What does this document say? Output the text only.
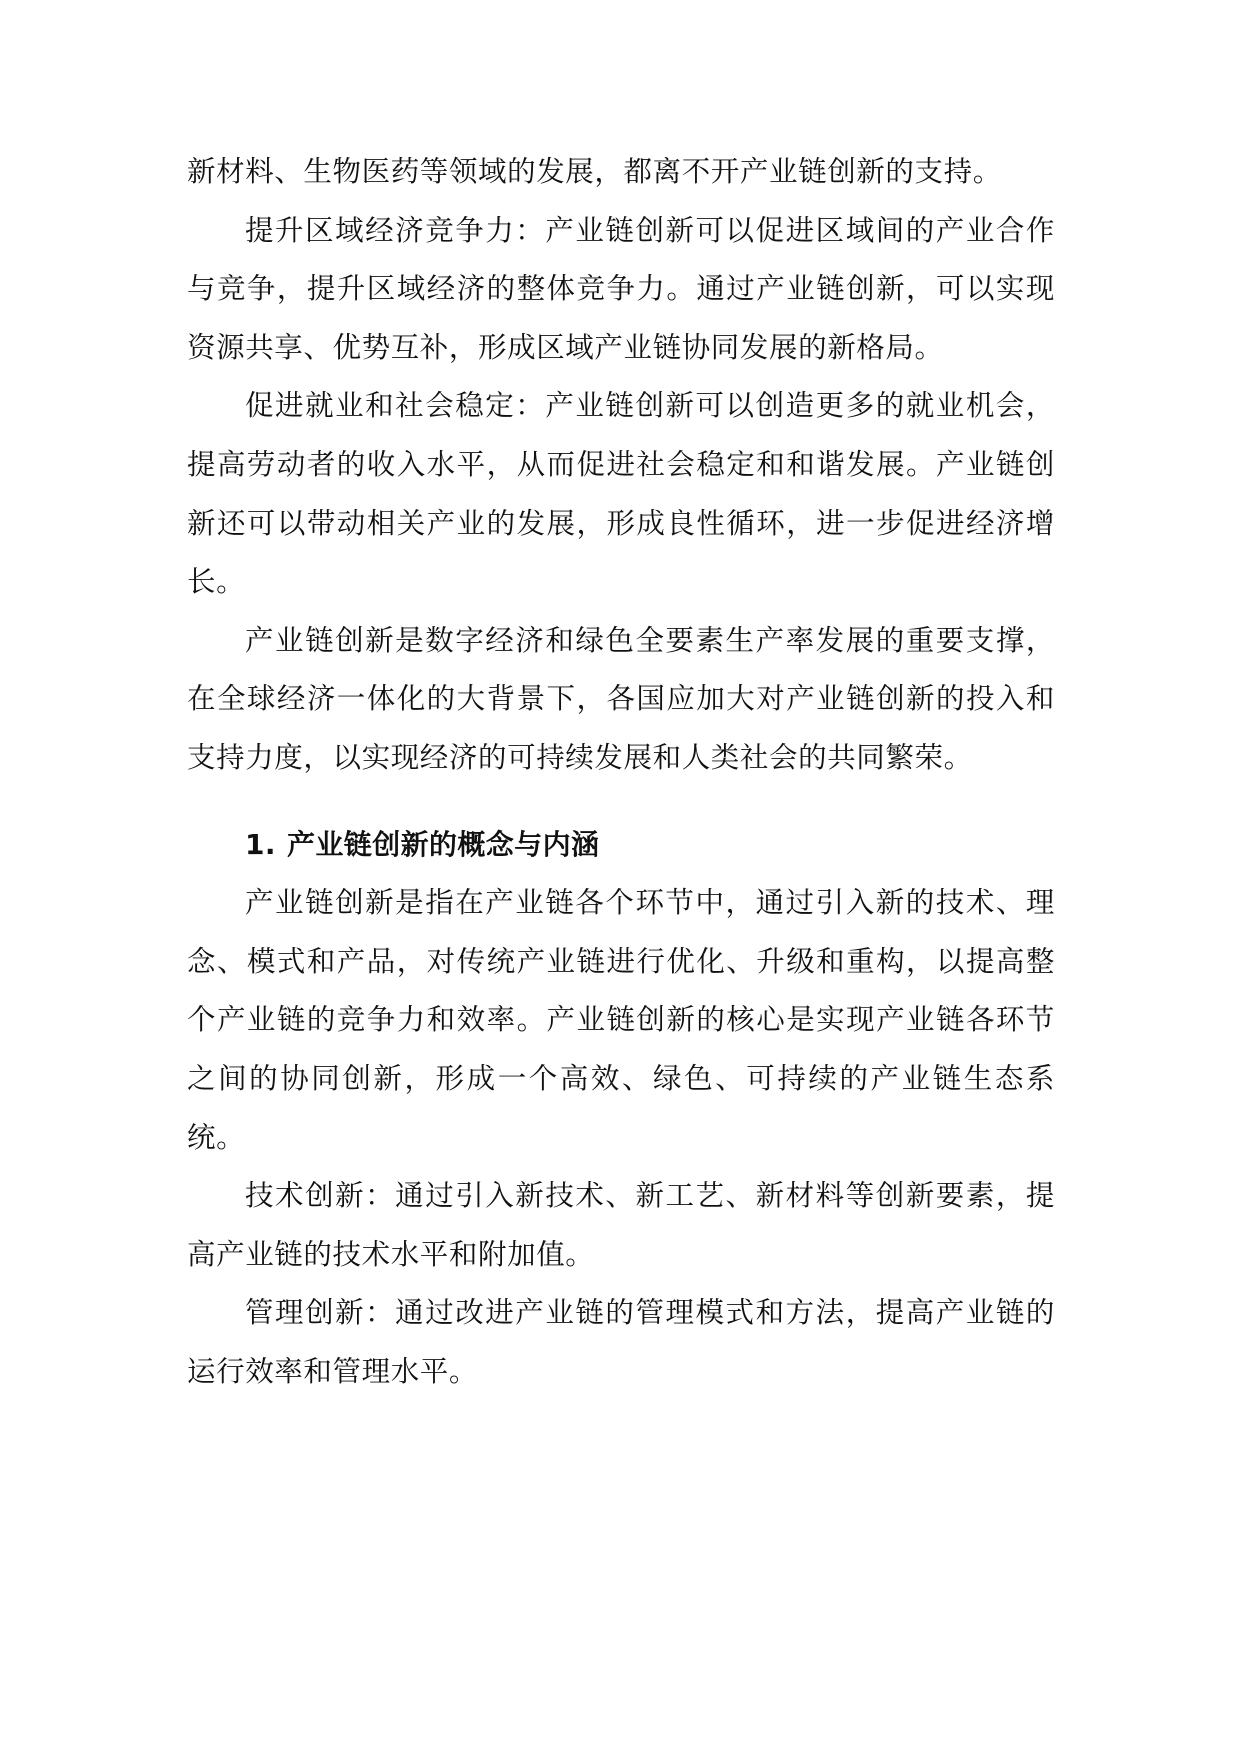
新材料、生物医药等领域的发展，都离不开产业链创新的支持。

提升区域经济竞争力：产业链创新可以促进区域间的产业合作与竞争，提升区域经济的整体竞争力。通过产业链创新，可以实现资源共享、优势互补，形成区域产业链协同发展的新格局。

促进就业和社会稳定：产业链创新可以创造更多的就业机会，提高劳动者的收入水平，从而促进社会稳定和和谐发展。产业链创新还可以带动相关产业的发展，形成良性循环，进一步促进经济增长。

产业链创新是数字经济和绿色全要素生产率发展的重要支撑，在全球经济一体化的大背景下，各国应加大对产业链创新的投入和支持力度，以实现经济的可持续发展和人类社会的共同繁荣。

1. 产业链创新的概念与内涵

产业链创新是指在产业链各个环节中，通过引入新的技术、理念、模式和产品，对传统产业链进行优化、升级和重构，以提高整个产业链的竞争力和效率。产业链创新的核心是实现产业链各环节之间的协同创新，形成一个高效、绿色、可持续的产业链生态系统。

技术创新：通过引入新技术、新工艺、新材料等创新要素，提高产业链的技术水平和附加值。

管理创新：通过改进产业链的管理模式和方法，提高产业链的运行效率和管理水平。
